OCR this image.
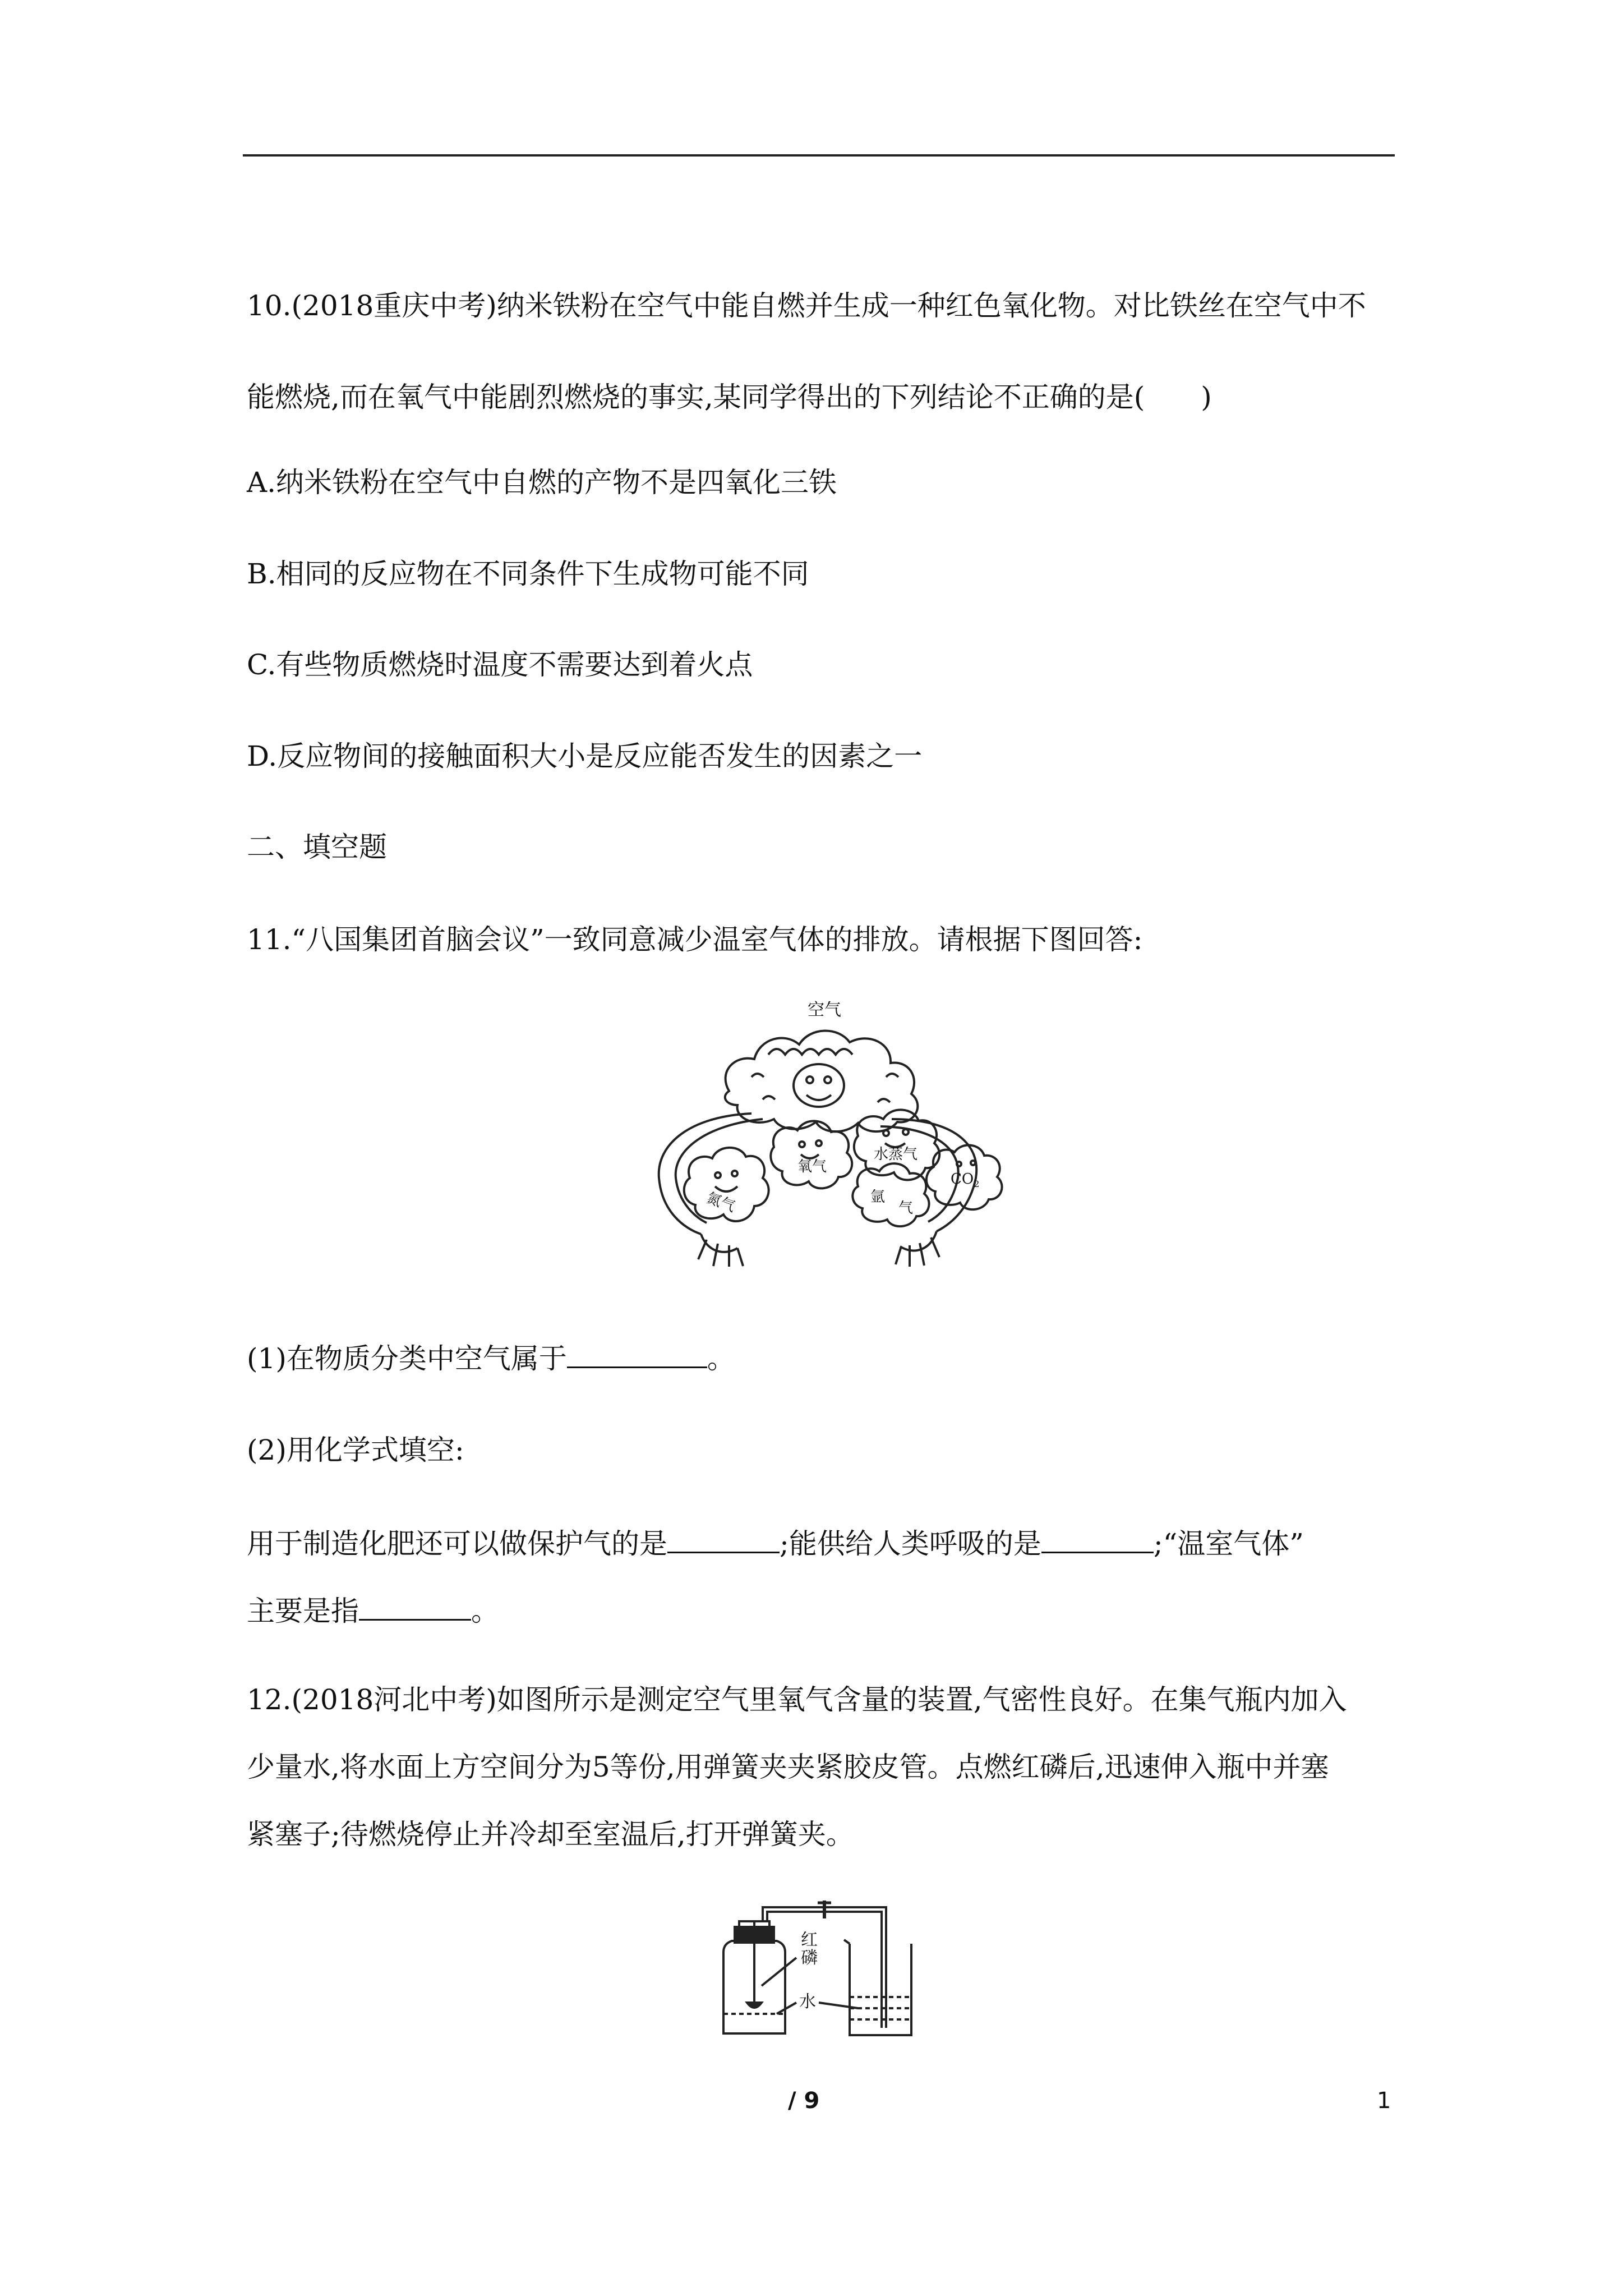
10.(2018重庆中考)纳米铁粉在空气中能自燃并生成一种红色氧化物。对比铁丝在空气中不
能燃烧,而在氧气中能剧烈燃烧的事实,某同学得出的下列结论不正确的是(　　)
A.纳米铁粉在空气中自燃的产物不是四氧化三铁
B.相同的反应物在不同条件下生成物可能不同
C.有些物质燃烧时温度不需要达到着火点
D.反应物间的接触面积大小是反应能否发生的因素之一
二、填空题
11.“八国集团首脑会议”一致同意减少温室气体的排放。请根据下图回答:
空气
氮气
氧气
水蒸气
氩
气
$CO_2$
(1)在物质分类中空气属于	。
(2)用化学式填空:
用于制造化肥还可以做保护气的是	;能供给人类呼吸的是	;“温室气体”
主要是指	。
12.(2018河北中考)如图所示是测定空气里氧气含量的装置,气密性良好。在集气瓶内加入
少量水,将水面上方空间分为5等份,用弹簧夹夹紧胶皮管。点燃红磷后,迅速伸入瓶中并塞
紧塞子;待燃烧停止并冷却至室温后,打开弹簧夹。
红
磷
水
/ 9	1
